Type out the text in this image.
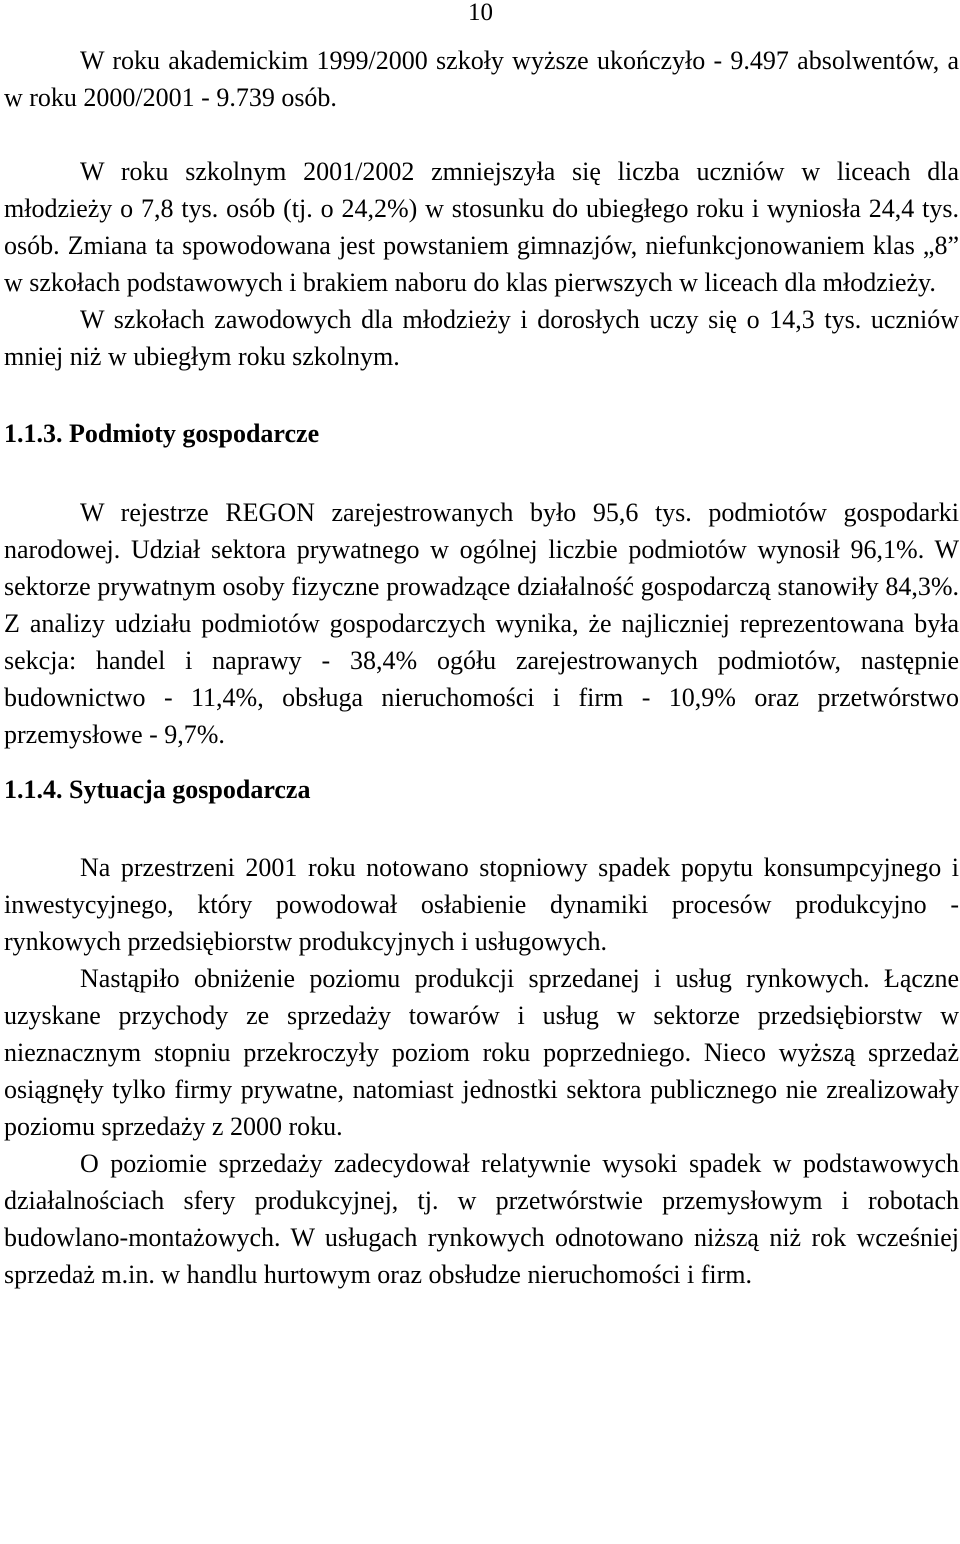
10

W roku akademickim 1999/2000 szkoły wyższe ukończyło - 9.497 absolwentów, a w roku 2000/2001 - 9.739 osób.

W roku szkolnym 2001/2002 zmniejszyła się liczba uczniów w liceach dla młodzieży o 7,8 tys. osób (tj. o 24,2%) w stosunku do ubiegłego roku i wyniosła 24,4 tys. osób. Zmiana ta spowodowana jest powstaniem gimnazjów, niefunkcjonowaniem klas „8” w szkołach podstawowych i brakiem naboru do klas pierwszych w liceach dla młodzieży.

W szkołach zawodowych dla młodzieży i dorosłych uczy się o 14,3 tys. uczniów mniej niż w ubiegłym roku szkolnym.

1.1.3. Podmioty gospodarcze

W rejestrze REGON zarejestrowanych było 95,6 tys. podmiotów gospodarki narodowej. Udział sektora prywatnego w ogólnej liczbie podmiotów wynosił 96,1%. W sektorze prywatnym osoby fizyczne prowadzące działalność gospodarczą stanowiły 84,3%. Z analizy udziału podmiotów gospodarczych wynika, że najliczniej reprezentowana była sekcja: handel i naprawy - 38,4% ogółu zarejestrowanych podmiotów, następnie budownictwo - 11,4%, obsługa nieruchomości i firm - 10,9% oraz przetwórstwo przemysłowe - 9,7%.

1.1.4. Sytuacja gospodarcza

Na przestrzeni 2001 roku notowano stopniowy spadek popytu konsumpcyjnego i inwestycyjnego, który powodował osłabienie dynamiki procesów produkcyjno - rynkowych przedsiębiorstw produkcyjnych i usługowych.

Nastąpiło obniżenie poziomu produkcji sprzedanej i usług rynkowych. Łączne uzyskane przychody ze sprzedaży towarów i usług w sektorze przedsiębiorstw w nieznacznym stopniu przekroczyły poziom roku poprzedniego. Nieco wyższą sprzedaż osiągnęły tylko firmy prywatne, natomiast jednostki sektora publicznego nie zrealizowały poziomu sprzedaży z 2000 roku.

O poziomie sprzedaży zadecydował relatywnie wysoki spadek w podstawowych działalnościach sfery produkcyjnej, tj. w przetwórstwie przemysłowym i robotach budowlano-montażowych. W usługach rynkowych odnotowano niższą niż rok wcześniej sprzedaż m.in. w handlu hurtowym oraz obsłudze nieruchomości i firm.
